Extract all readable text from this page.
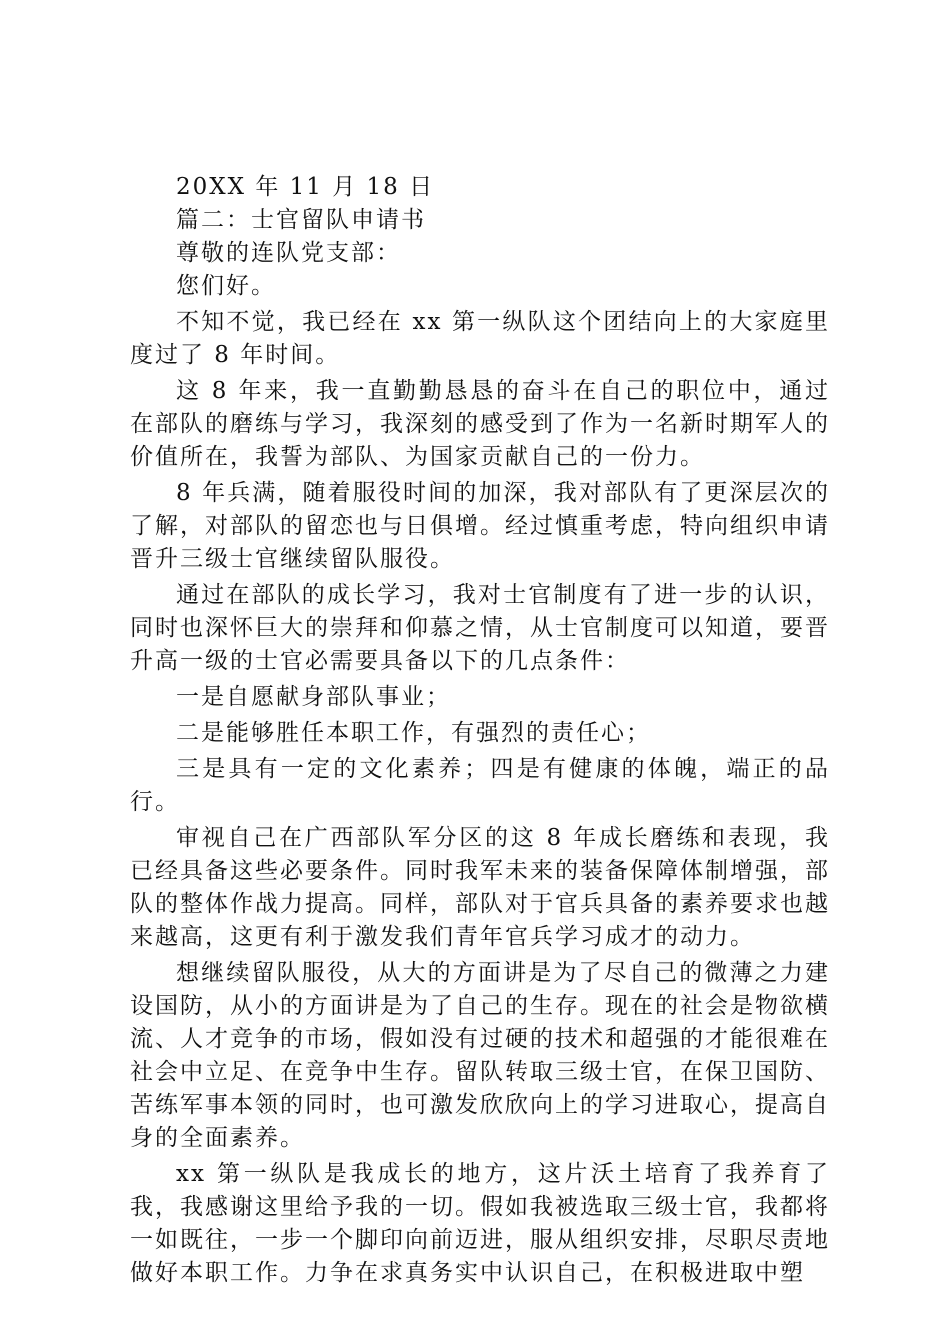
20XX 年 11 月 18 日

篇二：士官留队申请书

尊敬的连队党支部：

您们好。

不知不觉，我已经在 xx 第一纵队这个团结向上的大家庭里度过了 8 年时间。

这 8 年来，我一直勤勤恳恳的奋斗在自己的职位中，通过在部队的磨练与学习，我深刻的感受到了作为一名新时期军人的价值所在，我誓为部队、为国家贡献自己的一份力。

8 年兵满，随着服役时间的加深，我对部队有了更深层次的了解，对部队的留恋也与日俱增。经过慎重考虑，特向组织申请晋升三级士官继续留队服役。

通过在部队的成长学习，我对士官制度有了进一步的认识，同时也深怀巨大的崇拜和仰慕之情，从士官制度可以知道，要晋升高一级的士官必需要具备以下的几点条件：

一是自愿献身部队事业；

二是能够胜任本职工作，有强烈的责任心；

三是具有一定的文化素养；四是有健康的体魄，端正的品行。

审视自己在广西部队军分区的这 8 年成长磨练和表现，我已经具备这些必要条件。同时我军未来的装备保障体制增强，部队的整体作战力提高。同样，部队对于官兵具备的素养要求也越来越高，这更有利于激发我们青年官兵学习成才的动力。

想继续留队服役，从大的方面讲是为了尽自己的微薄之力建设国防，从小的方面讲是为了自己的生存。现在的社会是物欲横流、人才竞争的市场，假如没有过硬的技术和超强的才能很难在社会中立足、在竞争中生存。留队转取三级士官，在保卫国防、苦练军事本领的同时，也可激发欣欣向上的学习进取心，提高自身的全面素养。

xx 第一纵队是我成长的地方，这片沃土培育了我养育了我，我感谢这里给予我的一切。假如我被选取三级士官，我都将一如既往，一步一个脚印向前迈进，服从组织安排，尽职尽责地做好本职工作。力争在求真务实中认识自己，在积极进取中塑
